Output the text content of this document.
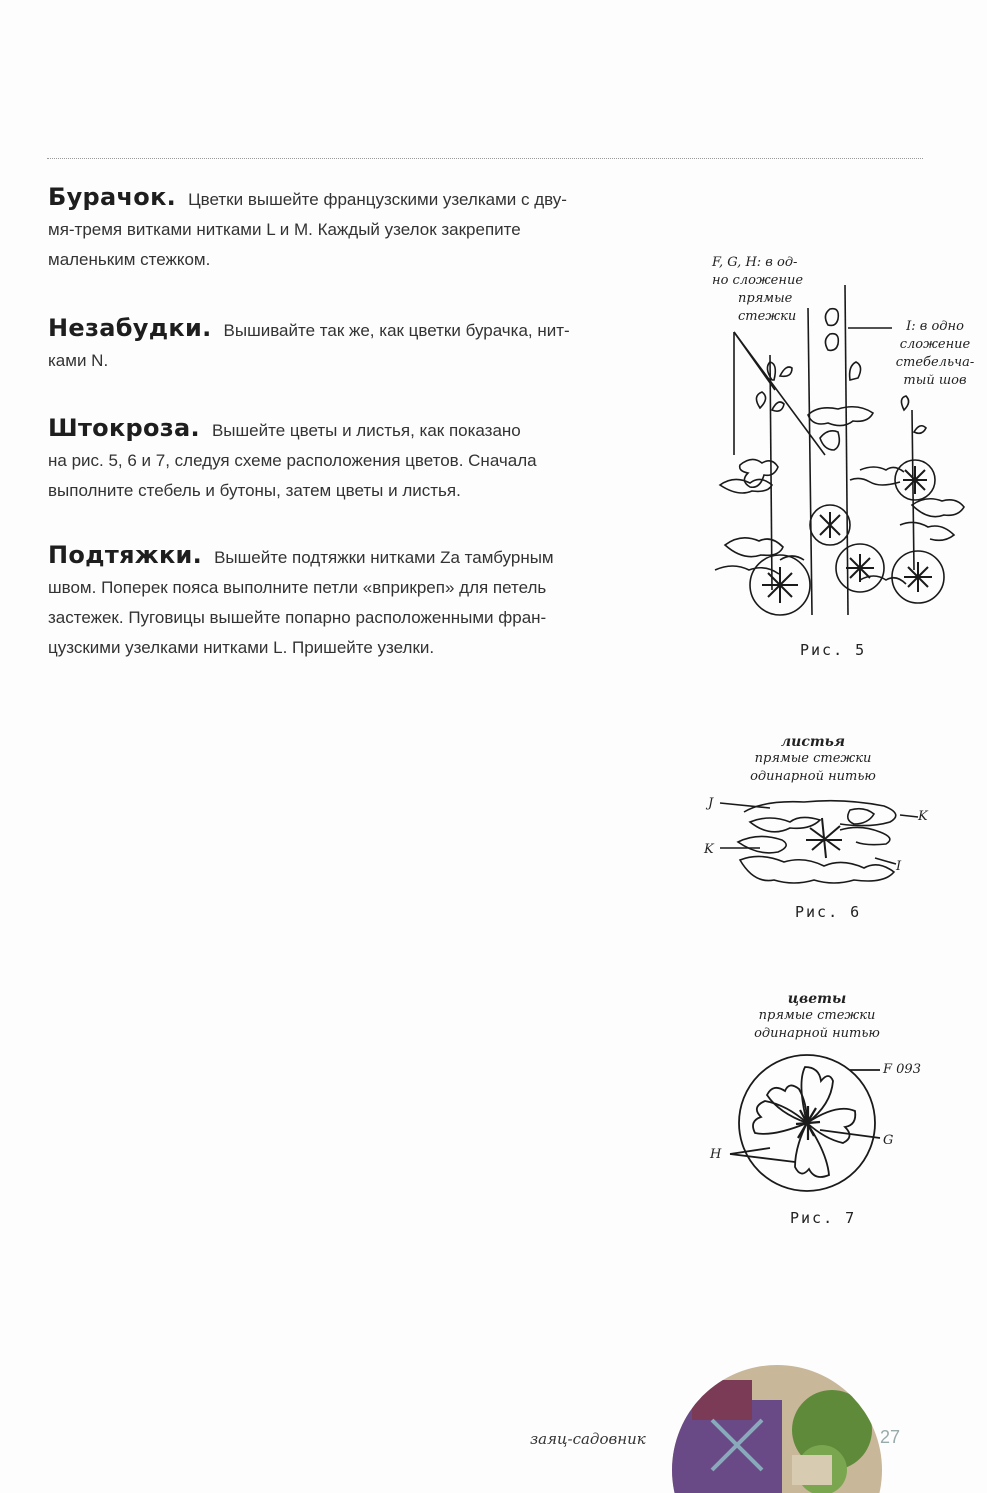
Бурачок. Цветки вышейте французскими узелками с дву-

мя-тремя витками нитками L и M. Каждый узелок закрепите

маленьким стежком.

Незабудки. Вышивайте так же, как цветки бурачка, нит-

ками N.

Штокроза. Вышейте цветы и листья, как показано

на рис. 5, 6 и 7, следуя схеме расположения цветов. Сначала

выполните стебель и бутоны, затем цветы и листья.

Подтяжки. Вышейте подтяжки нитками Za тамбурным

швом. Поперек пояса выполните петли «вприкреп» для петель

застежек. Пуговицы вышейте попарно расположенными фран-

цузскими узелками нитками L. Пришейте узелки.

F, G, H: в од-
но сложение
прямые
стежки
I: в одно
сложение
стебельча-
тый шов
Рис. 5
листья
прямые стежки
одинарной нитью
J
K
K
I
Рис. 6
цветы
прямые стежки
одинарной нитью
F 093
G
H
Рис. 7
заяц-садовник	27
